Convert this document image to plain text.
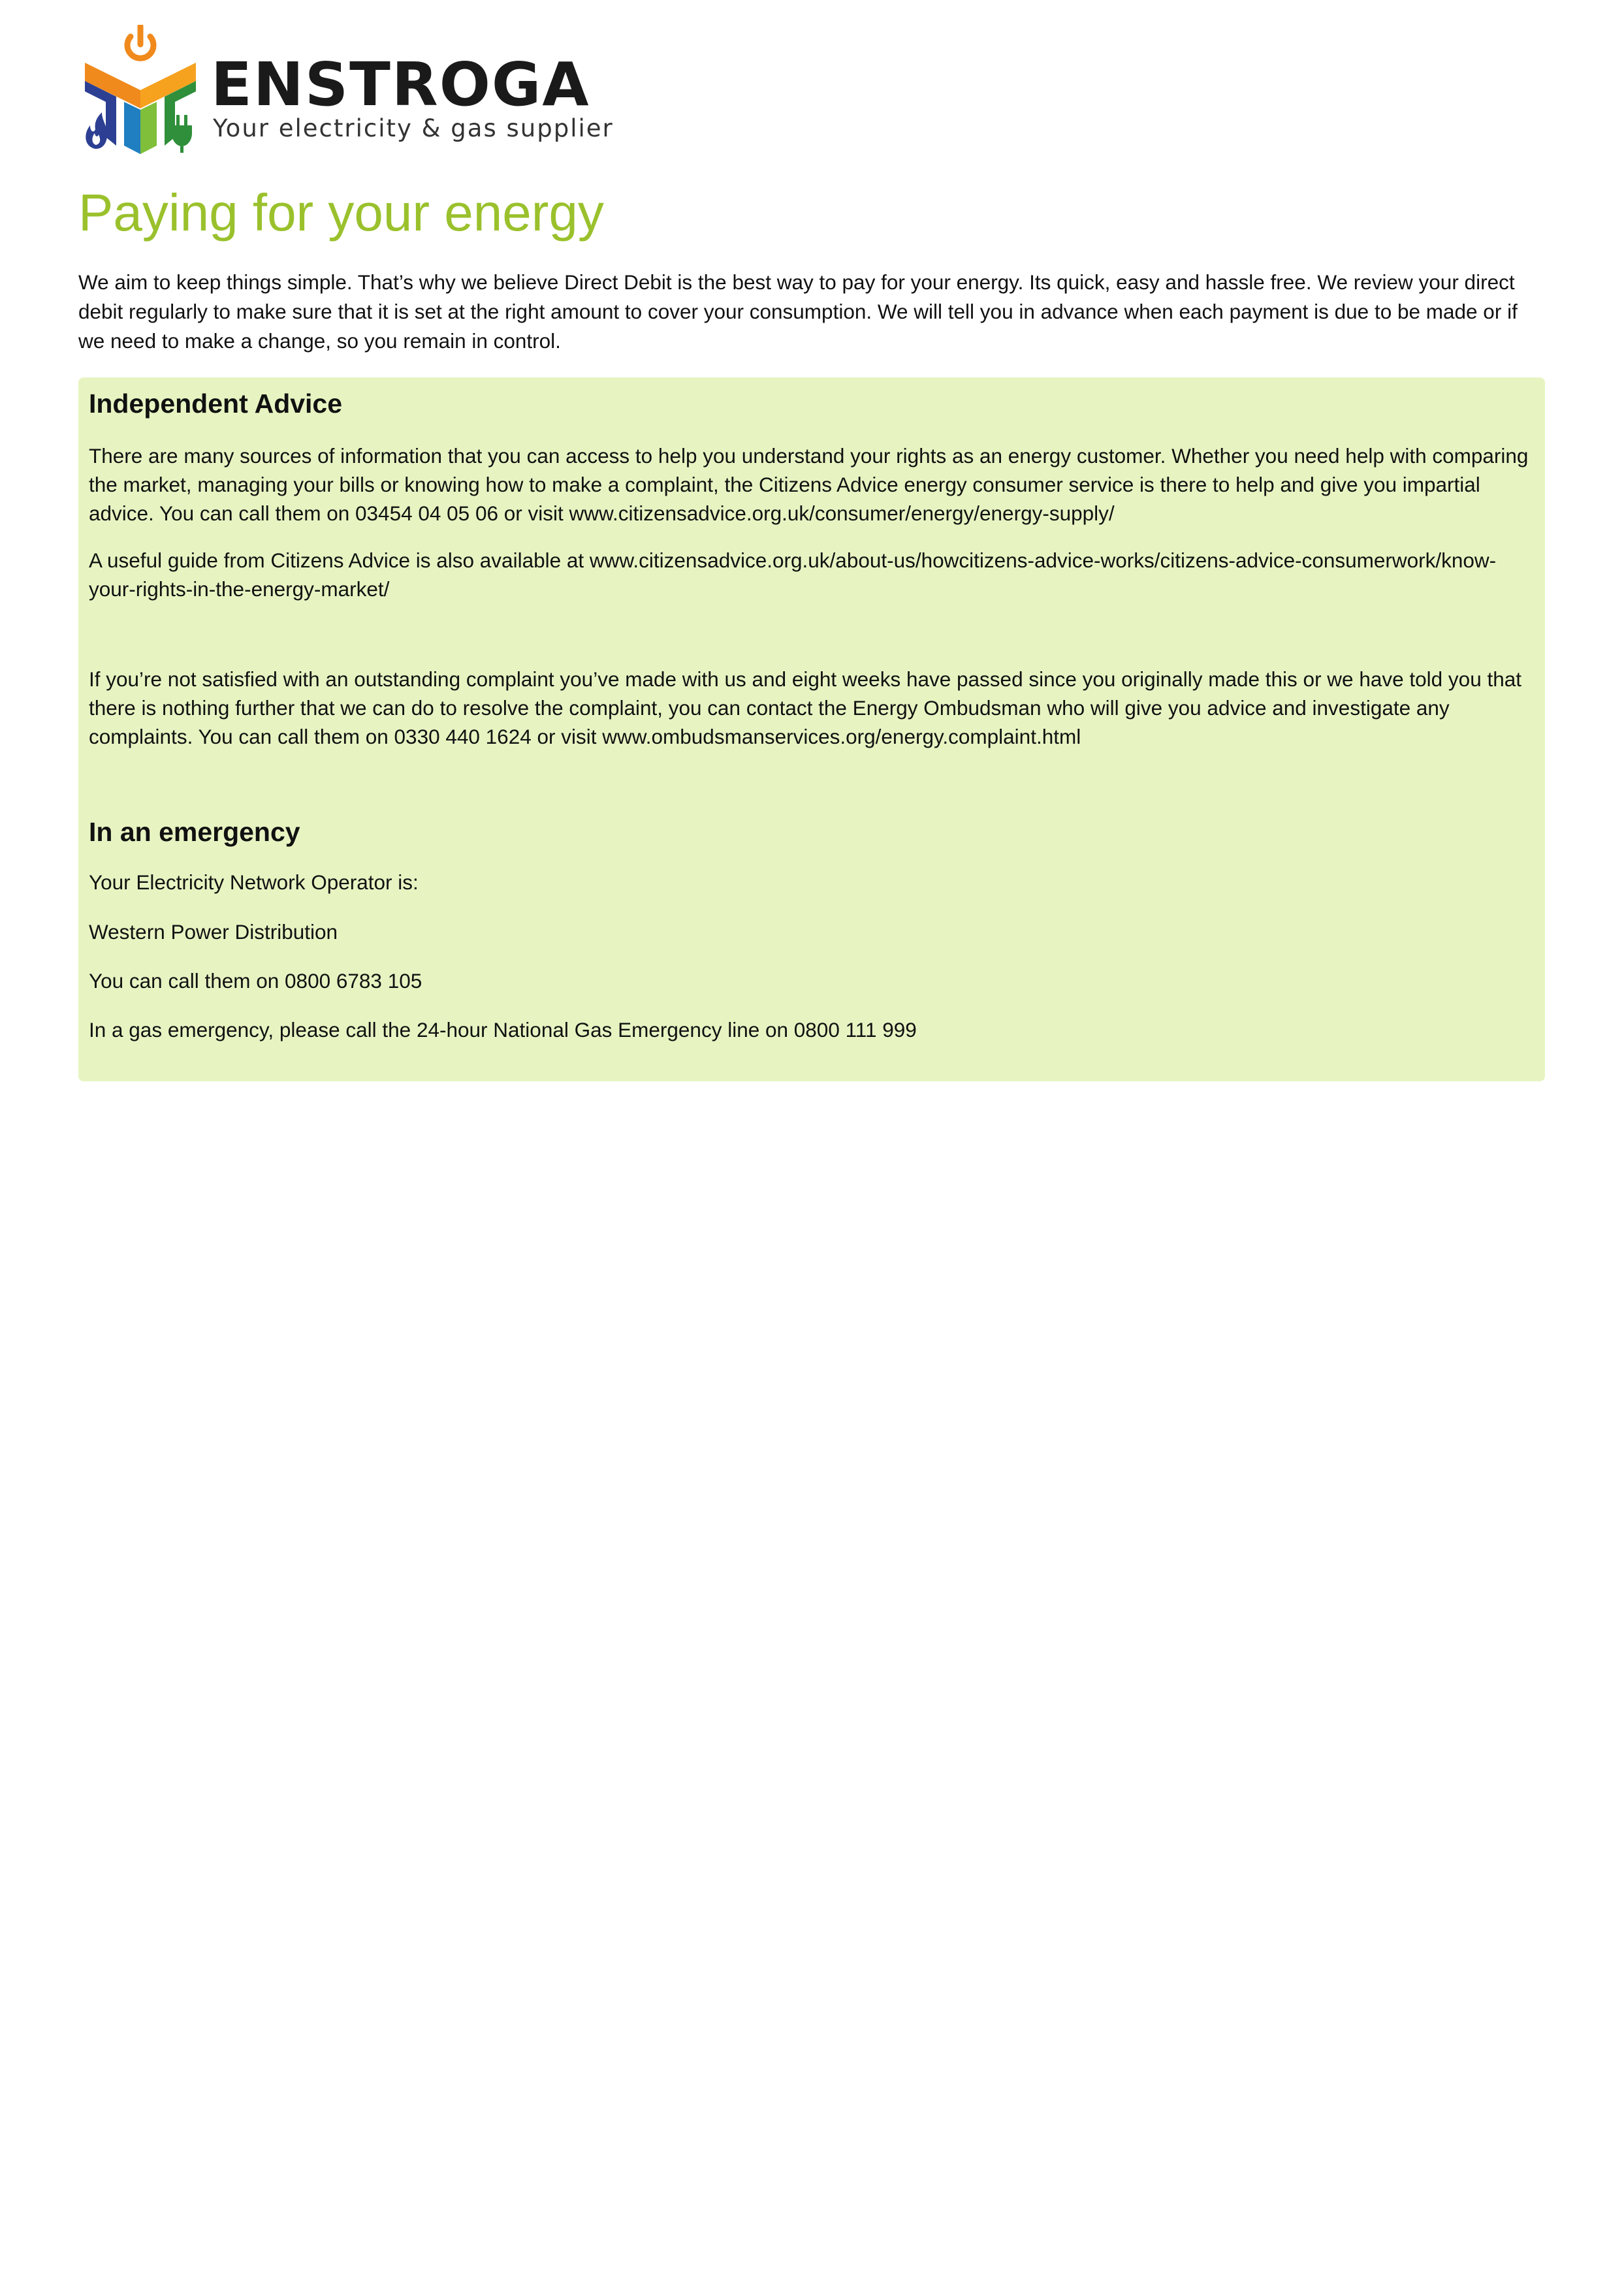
ENSTROGA
Your electricity & gas supplier
Paying for your energy

We aim to keep things simple. That’s why we believe Direct Debit is the best way to pay for your energy. Its quick, easy and hassle free. We review your direct debit regularly to make sure that it is set at the right amount to cover your consumption. We will tell you in advance when each payment is due to be made or if we need to make a change, so you remain in control.

Independent Advice

There are many sources of information that you can access to help you understand your rights as an energy customer. Whether you need help with comparing the market, managing your bills or knowing how to make a complaint, the Citizens Advice energy consumer service is there to help and give you impartial advice. You can call them on 03454 04 05 06 or visit www.citizensadvice.org.uk/consumer/energy/energy-supply/

A useful guide from Citizens Advice is also available at www.citizensadvice.org.uk/about-us/howcitizens-advice-works/citizens-advice-consumerwork/know-your-rights-in-the-energy-market/

If you’re not satisfied with an outstanding complaint you’ve made with us and eight weeks have passed since you originally made this or we have told you that there is nothing further that we can do to resolve the complaint, you can contact the Energy Ombudsman who will give you advice and investigate any complaints. You can call them on 0330 440 1624 or visit www.ombudsmanservices.org/energy.complaint.html

In an emergency

Your Electricity Network Operator is:

Western Power Distribution

You can call them on 0800 6783 105

In a gas emergency, please call the 24-hour National Gas Emergency line on 0800 111 999
